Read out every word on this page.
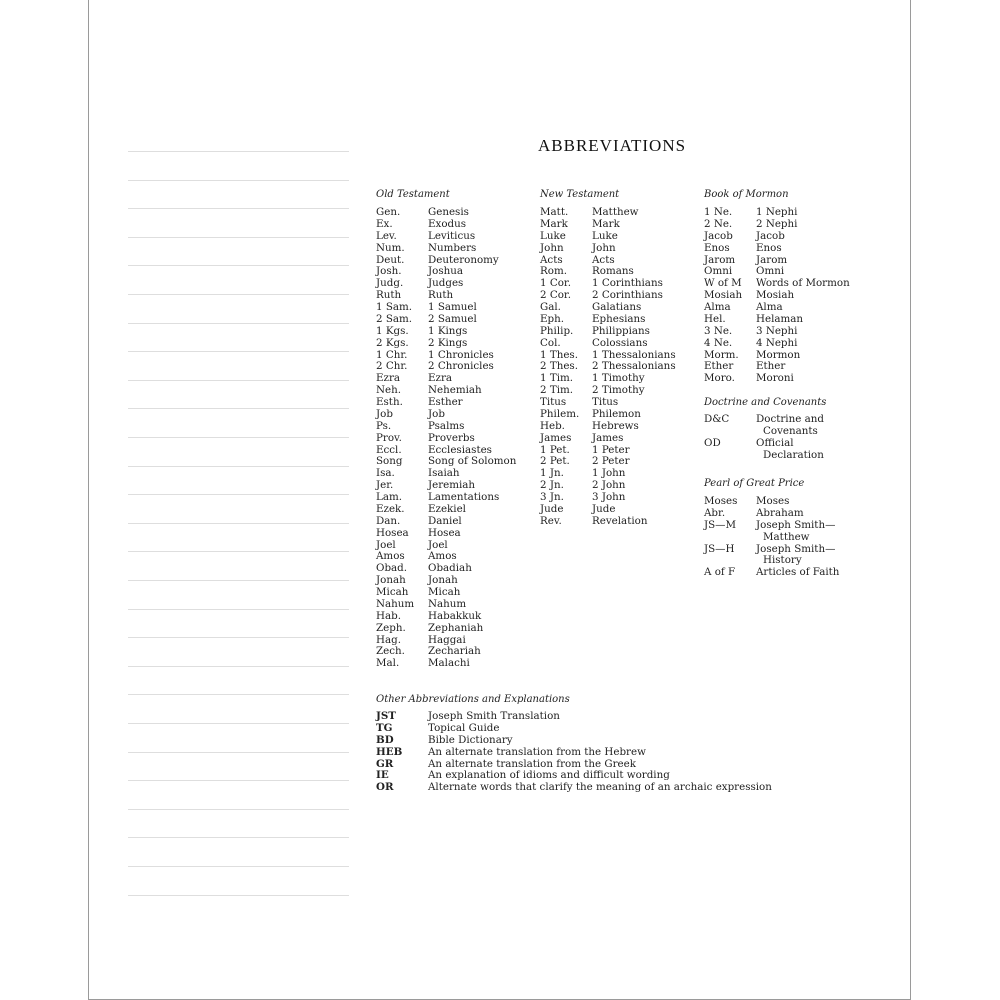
ABBREVIATIONS
Old Testament
Gen.	Genesis
Ex.	Exodus
Lev.	Leviticus
Num. Numbers
Deut. Deuteronomy
Josh.	Joshua
Judg. Judges
Ruth	Ruth
1 Sam. 1 Samuel
2 Sam. 2 Samuel
1 Kgs. 1 Kings
2 Kgs. 2 Kings
1 Chr. 1 Chronicles
2 Chr. 2 Chronicles
Ezra	Ezra
Neh.	Nehemiah
Esth. Esther
Job	Job
Ps.	Psalms
Prov.	Proverbs
Eccl.	Ecclesiastes
Song Song of Solomon
Isa.	Isaiah
Jer.	Jeremiah
Lam.	Lamentations
Ezek. Ezekiel
Dan.	Daniel
Hosea Hosea
Joel	Joel
Amos Amos
Obad. Obadiah
Jonah Jonah
Micah Micah
Nahum Nahum
Hab.	Habakkuk
Zeph. Zephaniah
Hag.	Haggai
Zech. Zechariah
Mal.	Malachi
New Testament
Matt. Matthew
Mark Mark
Luke	Luke
John	John
Acts	Acts
Rom. Romans
1 Cor. 1 Corinthians
2 Cor. 2 Corinthians
Gal.	Galatians
Eph.	Ephesians
Philip. Philippians
Col.	Colossians
1 Thes. 1 Thessalonians
2 Thes. 2 Thessalonians
1 Tim. 1 Timothy
2 Tim. 2 Timothy
Titus	Titus
Philem. Philemon
Heb.	Hebrews
James James
1 Pet. 1 Peter
2 Pet. 2 Peter
1 Jn.	1 John
2 Jn.	2 John
3 Jn.	3 John
Jude	Jude
Rev.	Revelation
Book of Mormon
1 Ne. 1 Nephi
2 Ne. 2 Nephi
Jacob Jacob
Enos	Enos
Jarom Jarom
Omni Omni
W of M Words of Mormon
Mosiah Mosiah
Alma Alma
Hel.	Helaman
3 Ne. 3 Nephi
4 Ne. 4 Nephi
Morm. Mormon
Ether Ether
Moro. Moroni
Doctrine and Covenants
D&C	Doctrine and
Covenants
OD	Official
Declaration
Pearl of Great Price
Moses Moses
Abr.	Abraham
JS—M Joseph Smith—
Matthew
JS—H Joseph Smith—
History
A of F Articles of Faith
Other Abbreviations and Explanations
JST	Joseph Smith Translation
TG	Topical Guide
BD	Bible Dictionary
HEB An alternate translation from the Hebrew
GR	An alternate translation from the Greek
IE	An explanation of idioms and difficult wording
OR	Alternate words that clarify the meaning of an archaic expression
